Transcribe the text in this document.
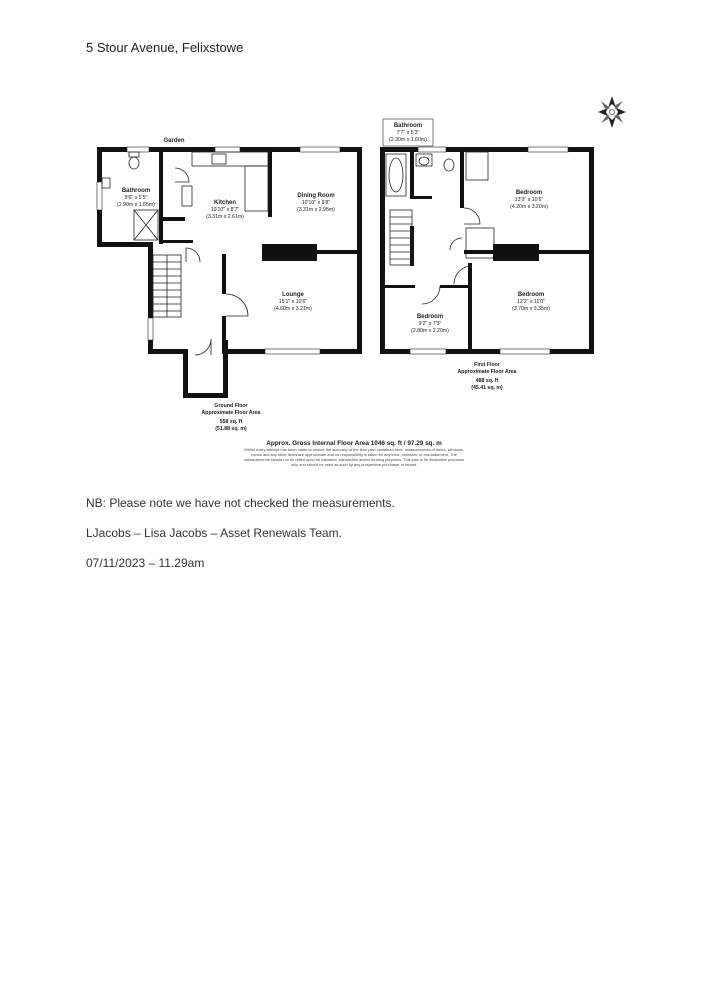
5 Stour Avenue, Felixstowe
Garden
Bathroom
9'6" x 5'5"
(2.90m x 1.65m)	Kitchen
10'10" x 8'7"
(3.31m x 2.61m)
Dining Room
10'10" x 9'8"
(3.31m x 2.95m)
Lounge
15'1" x 10'6"
(4.60m x 3.21m)
Ground Floor
Approximate Floor Area
558 sq. ft
(51.88 sq. m)
Bathroom
7'7" x 5'3"
(2.30m x 1.60m)
Bedroom
13'9" x 10'6"
(4.20m x 3.20m)
Bedroom
12'2" x 11'0"
(3.70m x 3.35m)
Bedroom
9'2" x 7'3"
(2.80m x 2.20m)
First Floor
Approximate Floor Area
488 sq. ft
(45.41 sq. m)
Approx. Gross Internal Floor Area 1046 sq. ft / 97.29 sq. m
Whilst every attempt has been made to ensure the accuracy of the floor plan contained here, measurements of doors, windows,
rooms and any other items are approximate and no responsibility is taken for any error, omission, or mis-statement. The
measurements should not be relied upon for valuation, transaction and/or funding purposes. This plan is for illustrative purposes
only and should be used as such by any prospective purchaser or tenant.
NB: Please note we have not checked the measurements.
LJacobs – Lisa Jacobs – Asset Renewals Team.
07/11/2023 – 11.29am
